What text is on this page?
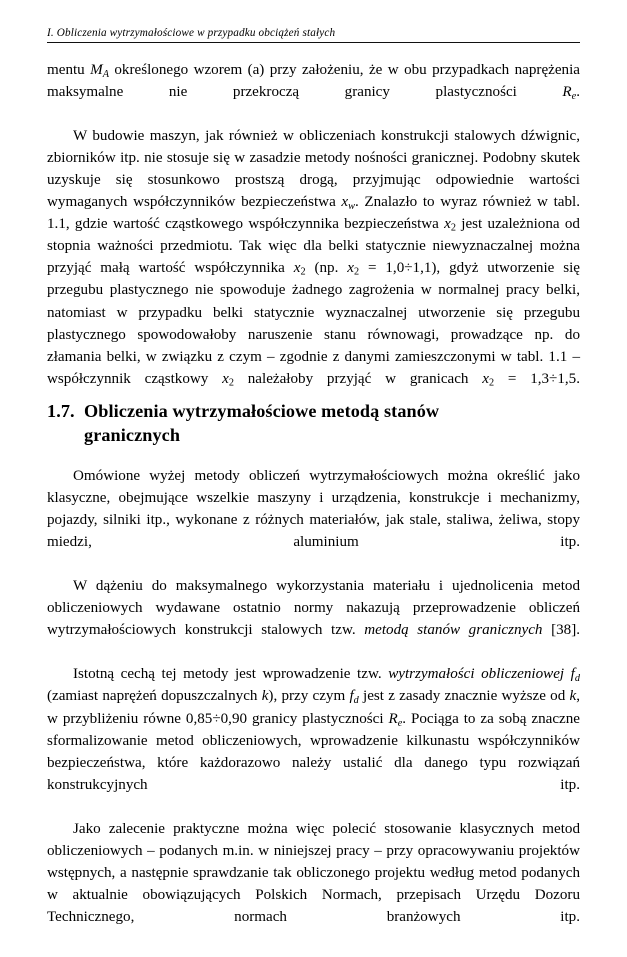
I. Obliczenia wytrzymałościowe w przypadku obciążeń stałych

mentu $M_A$ określonego wzorem (a) przy założeniu, że w obu przypadkach naprężenia maksymalne nie przekroczą granicy plastyczności $R_e$.

W budowie maszyn, jak również w obliczeniach konstrukcji stalowych dźwignic, zbiorników itp. nie stosuje się w zasadzie metody nośności granicznej. Podobny skutek uzyskuje się stosunkowo prostszą drogą, przyjmując odpowiednie wartości wymaganych współczynników bezpieczeństwa $x_w$. Znalazło to wyraz również w tabl. 1.1, gdzie wartość cząstkowego współczynnika bezpieczeństwa $x_2$ jest uzależniona od stopnia ważności przedmiotu. Tak więc dla belki statycznie niewyznaczalnej można przyjąć małą wartość współczynnika $x_2$ (np. $x_2 = 1,0\div 1,1$), gdyż utworzenie się przegubu plastycznego nie spowoduje żadnego zagrożenia w normalnej pracy belki, natomiast w przypadku belki statycznie wyznaczalnej utworzenie się przegubu plastycznego spowodowałoby naruszenie stanu równowagi, prowadzące np. do złamania belki, w związku z czym – zgodnie z danymi zamieszczonymi w tabl. 1.1 – współczynnik cząstkowy $x_2$ należałoby przyjąć w granicach $x_2 = 1,3\div 1,5$.

1.7. Obliczenia wytrzymałościowe metodą stanów
granicznych

Omówione wyżej metody obliczeń wytrzymałościowych można określić jako klasyczne, obejmujące wszelkie maszyny i urządzenia, konstrukcje i mechanizmy, pojazdy, silniki itp., wykonane z różnych materiałów, jak stale, staliwa, żeliwa, stopy miedzi, aluminium itp.

W dążeniu do maksymalnego wykorzystania materiału i ujednolicenia metod obliczeniowych wydawane ostatnio normy nakazują przeprowadzenie obliczeń wytrzymałościowych konstrukcji stalowych tzw. metodą stanów granicznych [38].

Istotną cechą tej metody jest wprowadzenie tzw. wytrzymałości obliczeniowej $f_d$ (zamiast naprężeń dopuszczalnych k), przy czym $f_d$ jest z zasady znacznie wyższe od k, w przybliżeniu równe 0,85÷0,90 granicy plastyczności $R_e$. Pociąga to za sobą znaczne sformalizowanie metod obliczeniowych, wprowadzenie kilkunastu współczynników bezpieczeństwa, które każdorazowo należy ustalić dla danego typu rozwiązań konstrukcyjnych itp.

Jako zalecenie praktyczne można więc polecić stosowanie klasycznych metod obliczeniowych – podanych m.in. w niniejszej pracy – przy opracowywaniu projektów wstępnych, a następnie sprawdzanie tak obliczonego projektu według metod podanych w aktualnie obowiązujących Polskich Normach, przepisach Urzędu Dozoru Technicznego, normach branżowych itp.
